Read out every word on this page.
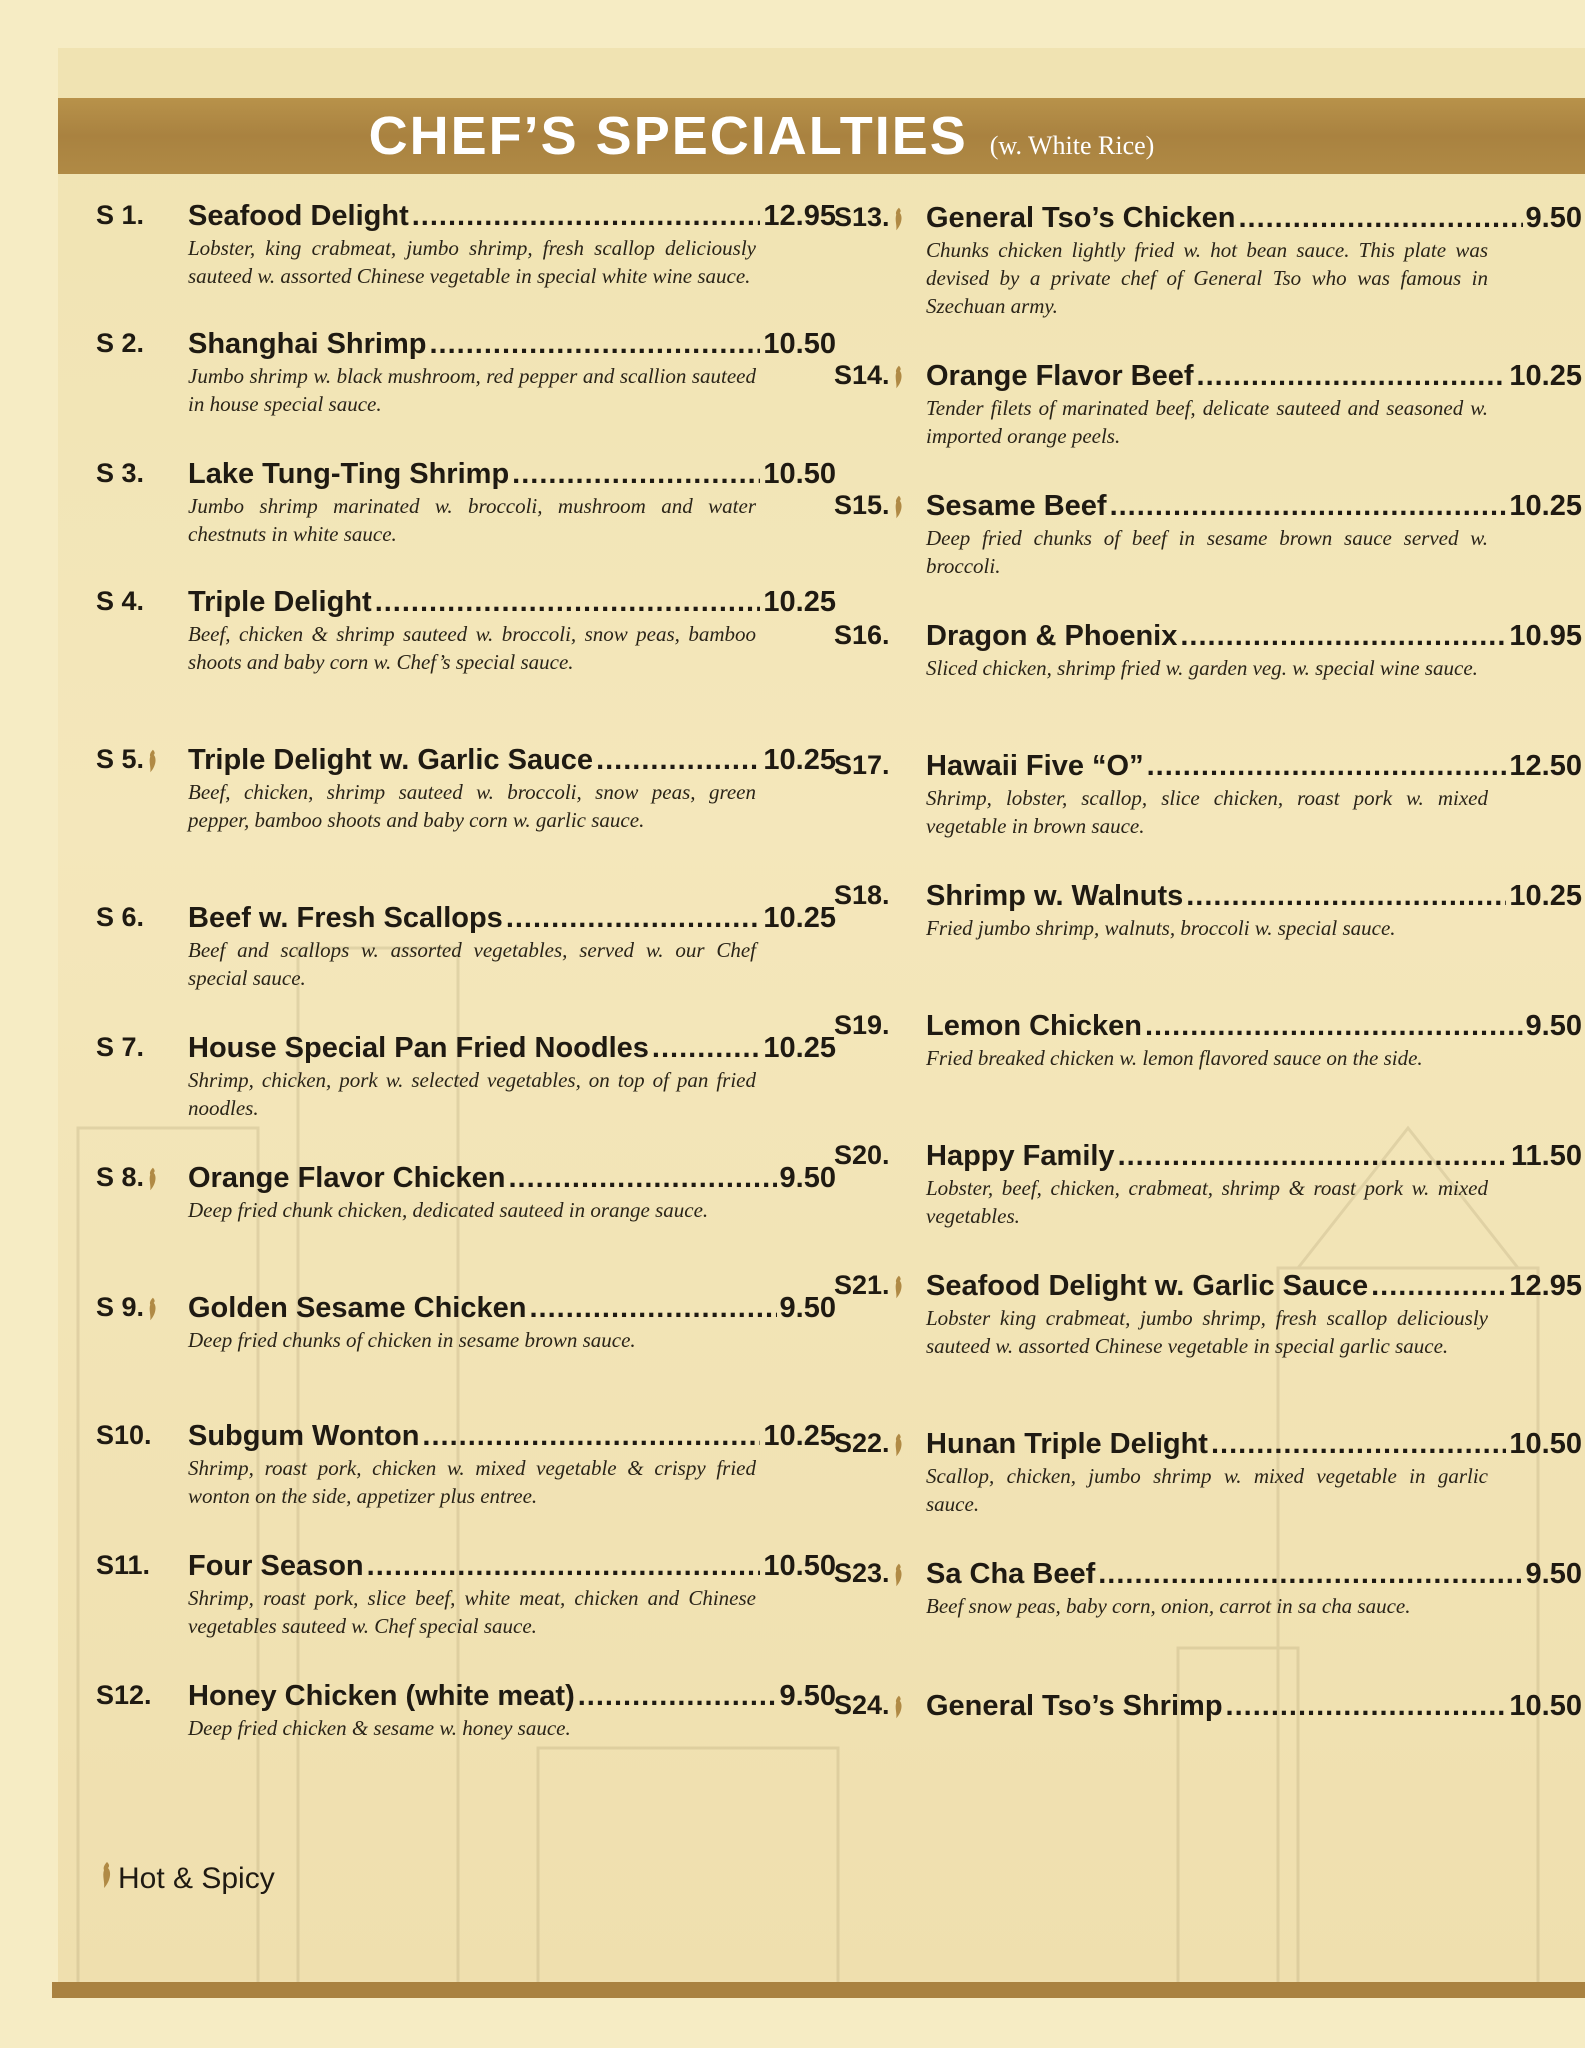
CHEF’S SPECIALTIES (w. White Rice)
S 1. Seafood Delight .....	12.95
Lobster, king crabmeat, jumbo shrimp, fresh scallop deliciously sauteed w. assorted Chinese vegetable in special white wine sauce.
S 2. Shanghai Shrimp .....	10.50
Jumbo shrimp w. black mushroom, red pepper and scallion sauteed in house special sauce.
S 3. Lake Tung-Ting Shrimp .....	10.50
Jumbo shrimp marinated w. broccoli, mushroom and water chestnuts in white sauce.
S 4. Triple Delight .....	10.25
Beef, chicken & shrimp sauteed w. broccoli, snow peas, bamboo shoots and baby corn w. Chef’s special sauce.
S 5.	Triple Delight w. Garlic Sauce .....	10.25
Beef, chicken, shrimp sauteed w. broccoli, snow peas, green pepper, bamboo shoots and baby corn w. garlic sauce.
S 6. Beef w. Fresh Scallops .....	10.25
Beef and scallops w. assorted vegetables, served w. our Chef special sauce.
S 7. House Special Pan Fried Noodles .....	10.25
Shrimp, chicken, pork w. selected vegetables, on top of pan fried noodles.
S 8.	Orange Flavor Chicken .....	9.50
Deep fried chunk chicken, dedicated sauteed in orange sauce.
S 9.	Golden Sesame Chicken .....	9.50
Deep fried chunks of chicken in sesame brown sauce.
S10. Subgum Wonton .....	10.25
Shrimp, roast pork, chicken w. mixed vegetable & crispy fried wonton on the side, appetizer plus entree.
S11. Four Season .....	10.50
Shrimp, roast pork, slice beef, white meat, chicken and Chinese vegetables sauteed w. Chef special sauce.
S12. Honey Chicken (white meat) .....	9.50
Deep fried chicken & sesame w. honey sauce.
S13.	General Tso’s Chicken .....	9.50
Chunks chicken lightly fried w. hot bean sauce. This plate was devised by a private chef of General Tso who was famous in Szechuan army.
S14.	Orange Flavor Beef .....	10.25
Tender filets of marinated beef, delicate sauteed and seasoned w. imported orange peels.
S15.	Sesame Beef .....	10.25
Deep fried chunks of beef in sesame brown sauce served w. broccoli.
S16. Dragon & Phoenix .....	10.95
Sliced chicken, shrimp fried w. garden veg. w. special wine sauce.
S17. Hawaii Five “O” .....	12.50
Shrimp, lobster, scallop, slice chicken, roast pork w. mixed vegetable in brown sauce.
S18. Shrimp w. Walnuts .....	10.25
Fried jumbo shrimp, walnuts, broccoli w. special sauce.
S19. Lemon Chicken .....	9.50
Fried breaked chicken w. lemon flavored sauce on the side.
S20. Happy Family .....	11.50
Lobster, beef, chicken, crabmeat, shrimp & roast pork w. mixed vegetables.
S21.	Seafood Delight w. Garlic Sauce .....	12.95
Lobster king crabmeat, jumbo shrimp, fresh scallop deliciously sauteed w. assorted Chinese vegetable in special garlic sauce.
S22.	Hunan Triple Delight .....	10.50
Scallop, chicken, jumbo shrimp w. mixed vegetable in garlic sauce.
S23.	Sa Cha Beef .....	9.50
Beef snow peas, baby corn, onion, carrot in sa cha sauce.
S24.	General Tso’s Shrimp .....	10.50
Hot & Spicy
